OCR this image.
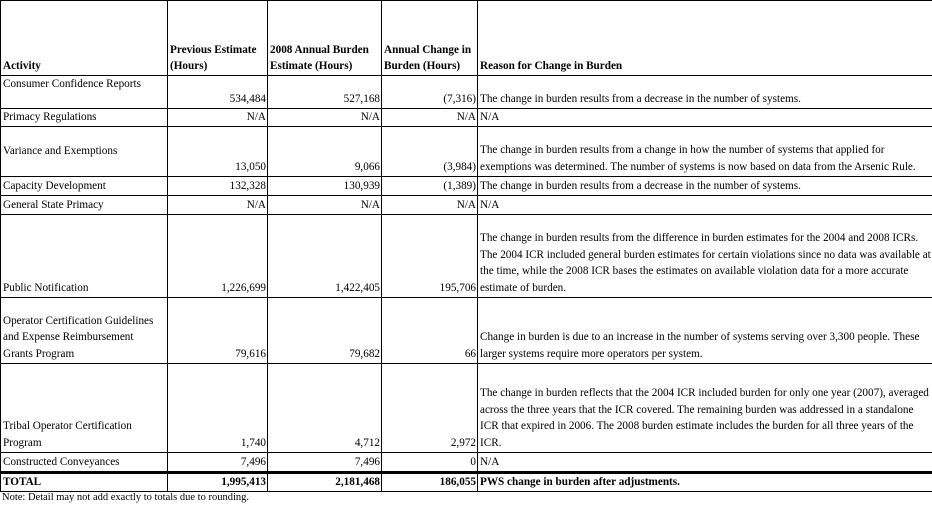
Activity	Previous Estimate (Hours)	2008 Annual Burden Estimate (Hours)	Annual Change in Burden (Hours)	Reason for Change in Burden
Consumer Confidence Reports	534,484	527,168	(7,316)	The change in burden results from a decrease in the number of systems.
Primacy Regulations	N/A	N/A	N/A	N/A
Variance and Exemptions	13,050	9,066	(3,984)	The change in burden results from a change in how the number of systems that applied for exemptions was determined. The number of systems is now based on data from the Arsenic Rule.
Capacity Development	132,328	130,939	(1,389)	The change in burden results from a decrease in the number of systems.
General State Primacy	N/A	N/A	N/A	N/A
Public Notification	1,226,699	1,422,405	195,706	The change in burden results from the difference in burden estimates for the 2004 and 2008 ICRs. The 2004 ICR included general burden estimates for certain violations since no data was available at the time, while the 2008 ICR bases the estimates on available violation data for a more accurate estimate of burden.
Operator Certification Guidelines and Expense Reimbursement Grants Program	79,616	79,682	66	Change in burden is due to an increase in the number of systems serving over 3,300 people. These larger systems require more operators per system.
Tribal Operator Certification Program	1,740	4,712	2,972	The change in burden reflects that the 2004 ICR included burden for only one year (2007), averaged across the three years that the ICR covered. The remaining burden was addressed in a standalone ICR that expired in 2006. The 2008 burden estimate includes the burden for all three years of the ICR.
Constructed Conveyances	7,496	7,496	0	N/A
TOTAL	1,995,413	2,181,468	186,055	PWS change in burden after adjustments.
Note: Detail may not add exactly to totals due to rounding.
